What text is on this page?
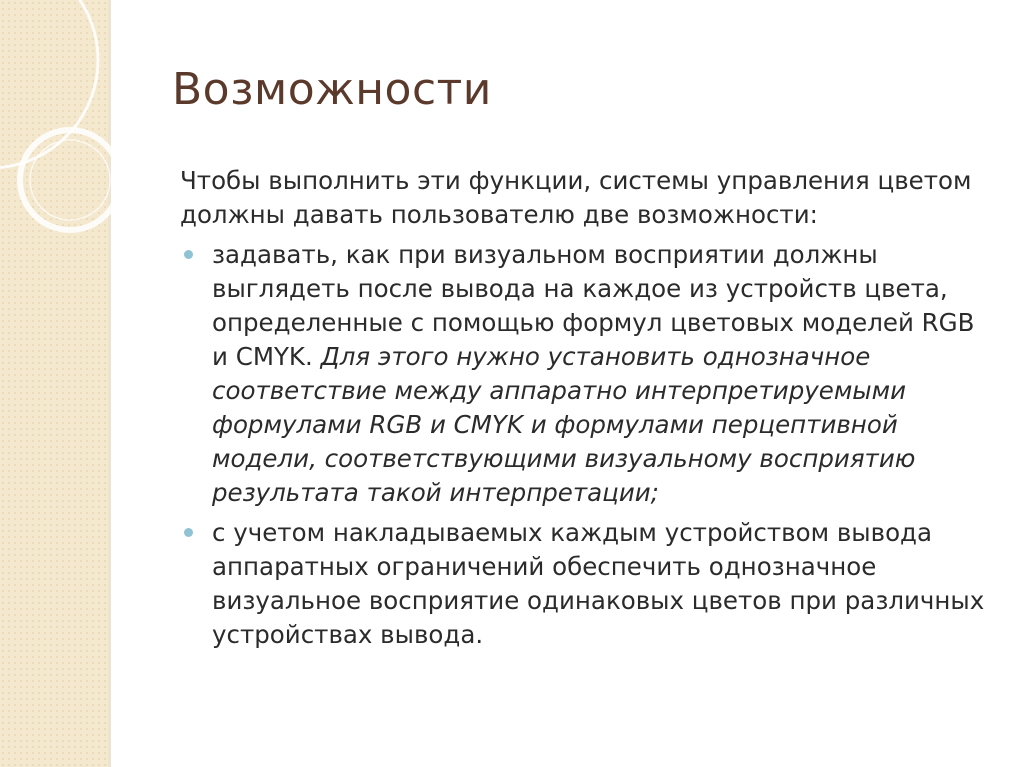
Возможности

Чтобы выполнить эти функции, системы управления цветом должны давать пользователю две возможности:

задавать, как при визуальном восприятии должны выглядеть после вывода на каждое из устройств цвета, определенные с помощью формул цветовых моделей RGB и CMYK. Для этого нужно установить однозначное соответствие между аппаратно интерпретируемыми формулами RGB и CMYK и формулами перцептивной модели, соответствующими визуальному восприятию результата такой интерпретации;
с учетом накладываемых каждым устройством вывода аппаратных ограничений обеспечить однозначное визуальное восприятие одинаковых цветов при различных устройствах вывода.
